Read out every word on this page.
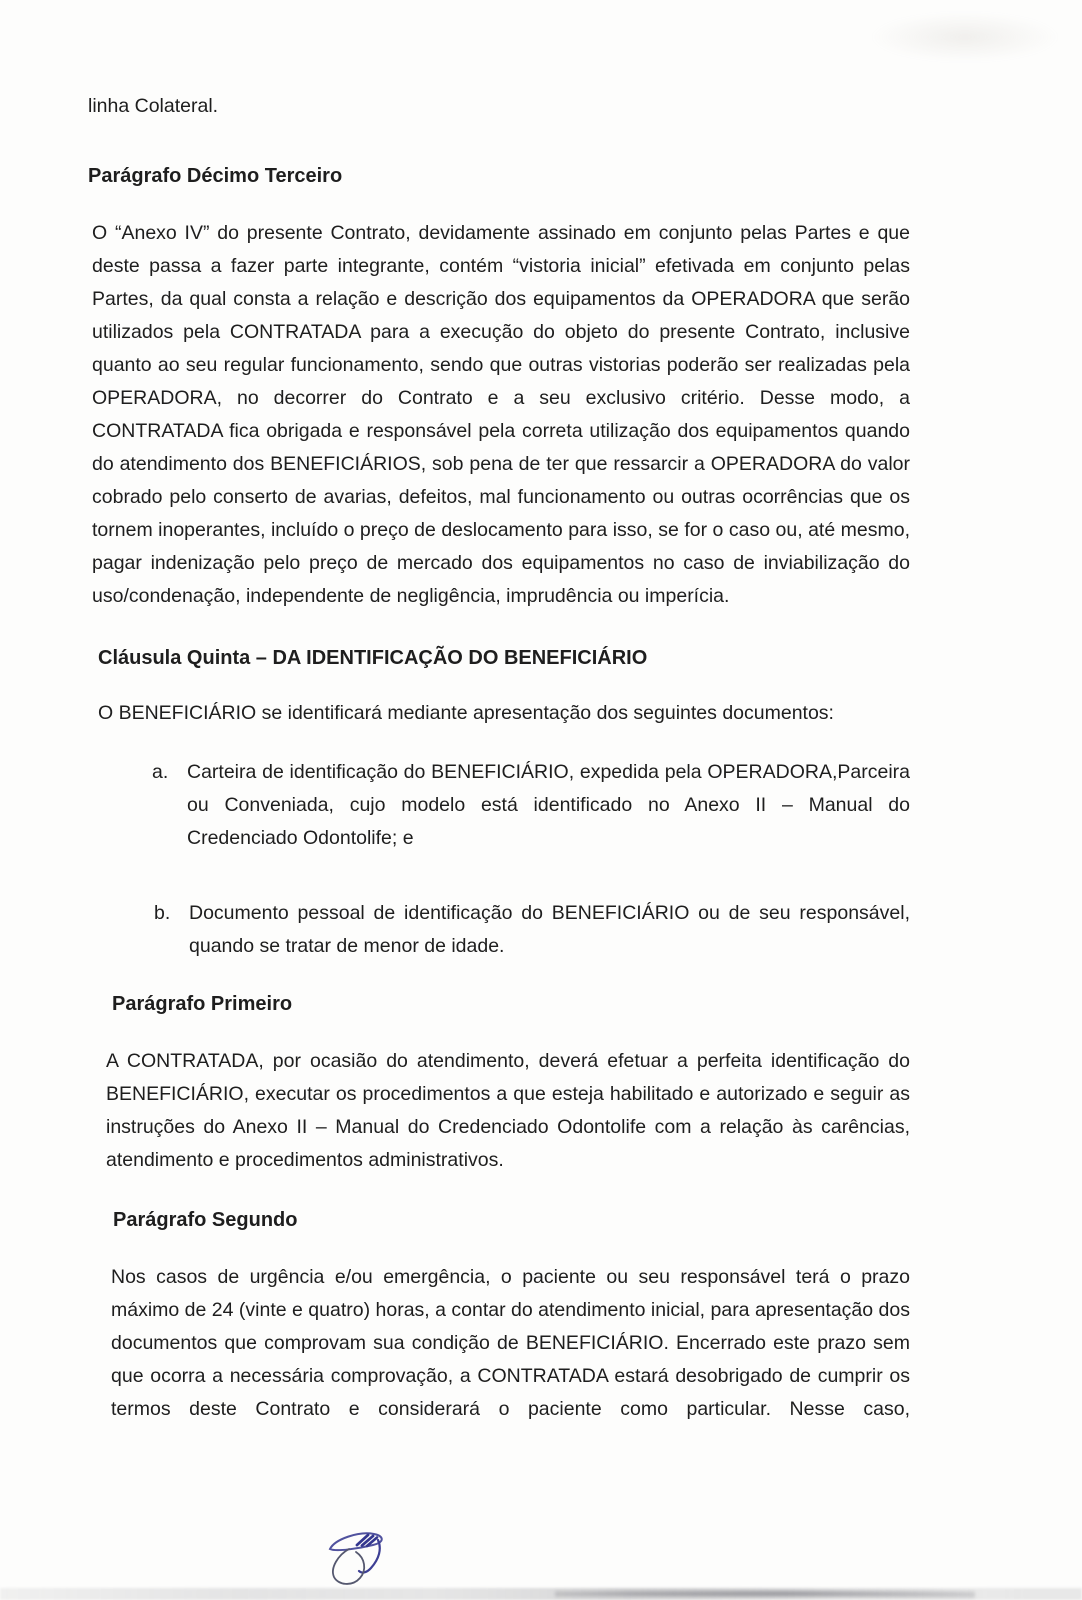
linha Colateral.

Parágrafo Décimo Terceiro

O “Anexo IV” do presente Contrato, devidamente assinado em conjunto pelas Partes e que deste passa a fazer parte integrante, contém “vistoria inicial” efetivada em conjunto pelas Partes, da qual consta a relação e descrição dos equipamentos da OPERADORA que serão utilizados pela CONTRATADA para a execução do objeto do presente Contrato, inclusive quanto ao seu regular funcionamento, sendo que outras vistorias poderão ser realizadas pela OPERADORA, no decorrer do Contrato e a seu exclusivo critério. Desse modo, a CONTRATADA fica obrigada e responsável pela correta utilização dos equipamentos quando do atendimento dos BENEFICIÁRIOS, sob pena de ter que ressarcir a OPERADORA do valor cobrado pelo conserto de avarias, defeitos, mal funcionamento ou outras ocorrências que os tornem inoperantes, incluído o preço de deslocamento para isso, se for o caso ou, até mesmo, pagar indenização pelo preço de mercado dos equipamentos no caso de inviabilização do uso/condenação, independente de negligência, imprudência ou imperícia.

Cláusula Quinta – DA IDENTIFICAÇÃO DO BENEFICIÁRIO

O BENEFICIÁRIO se identificará mediante apresentação dos seguintes documentos:

a. Carteira de identificação do BENEFICIÁRIO, expedida pela OPERADORA,Parceira ou Conveniada, cujo modelo está identificado no Anexo II – Manual do Credenciado Odontolife; e
b. Documento pessoal de identificação do BENEFICIÁRIO ou de seu responsável, quando se tratar de menor de idade.

Parágrafo Primeiro

A CONTRATADA, por ocasião do atendimento, deverá efetuar a perfeita identificação do BENEFICIÁRIO, executar os procedimentos a que esteja habilitado e autorizado e seguir as instruções do Anexo II – Manual do Credenciado Odontolife com a relação às carências, atendimento e procedimentos administrativos.

Parágrafo Segundo

Nos casos de urgência e/ou emergência, o paciente ou seu responsável terá o prazo máximo de 24 (vinte e quatro) horas, a contar do atendimento inicial, para apresentação dos documentos que comprovam sua condição de BENEFICIÁRIO. Encerrado este prazo sem que ocorra a necessária comprovação, a CONTRATADA estará desobrigado de cumprir os termos deste Contrato e considerará o paciente como particular. Nesse caso,
